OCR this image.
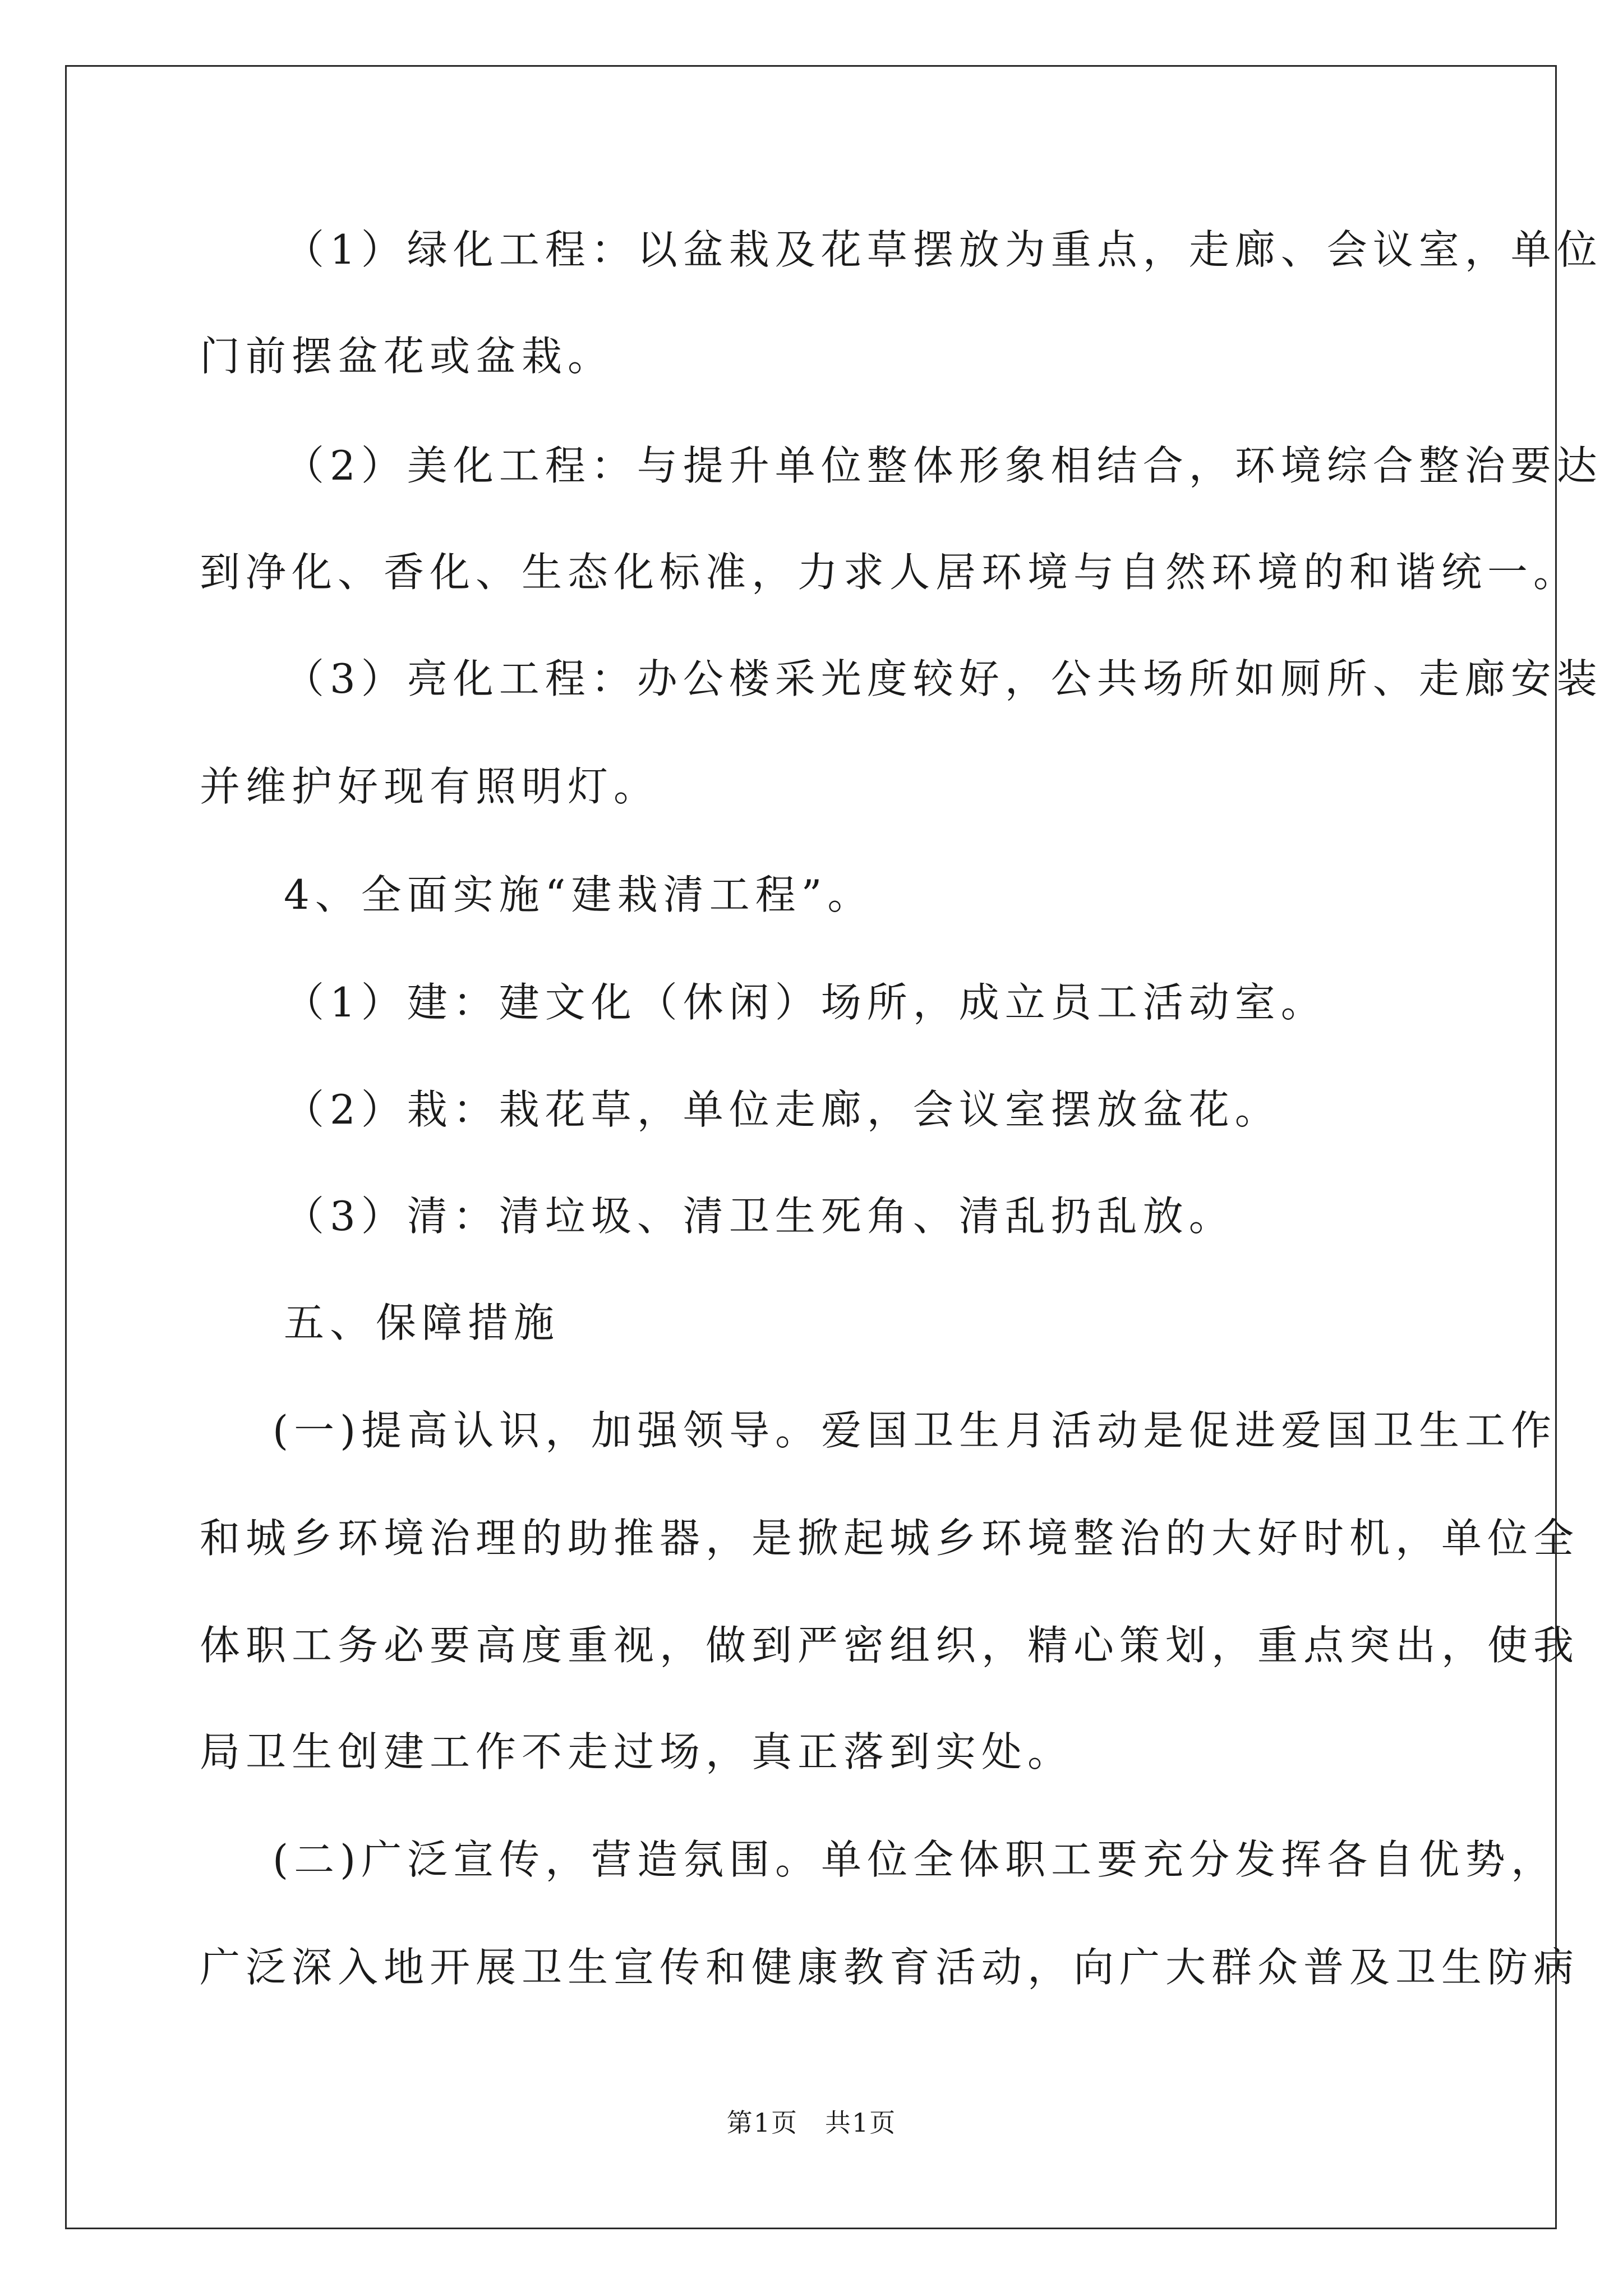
（1）绿化工程：以盆栽及花草摆放为重点，走廊、会议室，单位
门前摆盆花或盆栽。
（2）美化工程：与提升单位整体形象相结合，环境综合整治要达
到净化、香化、生态化标准，力求人居环境与自然环境的和谐统一。
（3）亮化工程：办公楼采光度较好，公共场所如厕所、走廊安装
并维护好现有照明灯。
4、全面实施“建栽清工程”。
（1）建：建文化（休闲）场所，成立员工活动室。
（2）栽：栽花草，单位走廊，会议室摆放盆花。
（3）清：清垃圾、清卫生死角、清乱扔乱放。
五、保障措施
(一)提高认识，加强领导。爱国卫生月活动是促进爱国卫生工作
和城乡环境治理的助推器，是掀起城乡环境整治的大好时机，单位全
体职工务必要高度重视，做到严密组织，精心策划，重点突出，使我
局卫生创建工作不走过场，真正落到实处。
(二)广泛宣传，营造氛围。单位全体职工要充分发挥各自优势，
广泛深入地开展卫生宣传和健康教育活动，向广大群众普及卫生防病
第1页　共1页
